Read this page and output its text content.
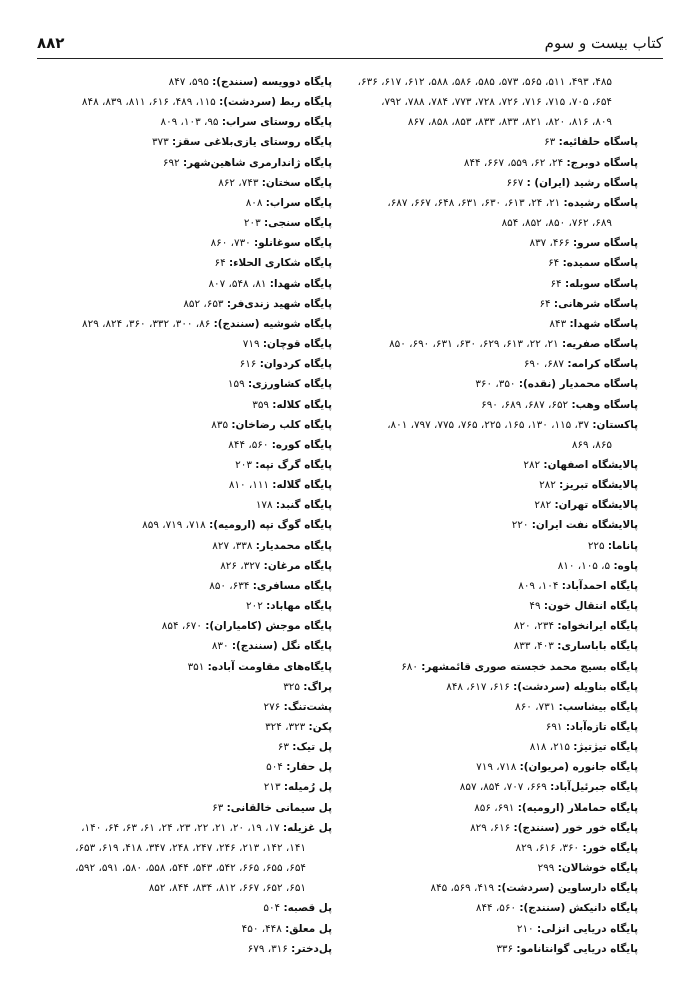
۸۸۲	کتاب بیست و سوم
۴۸۵، ۴۹۳، ۵۱۱، ۵۶۵، ۵۷۳، ۵۸۵، ۵۸۶، ۵۸۸، ۶۱۲، ۶۱۷، ۶۳۶،
۶۵۴، ۷۰۵، ۷۱۵، ۷۱۶، ۷۲۶، ۷۲۸، ۷۷۳، ۷۸۴، ۷۸۸، ۷۹۲،
۸۰۹، ۸۱۶، ۸۲۰، ۸۲۱، ۸۳۳، ۸۳۳، ۸۵۳، ۸۵۸، ۸۶۷
پاسگاه حلفائیه: ۶۳
پاسگاه دوبرج: ۲۴، ۶۲، ۵۵۹، ۶۶۷، ۸۴۴
پاسگاه رشید (ایران) : ۶۶۷
پاسگاه رشیده: ۲۱، ۲۴، ۶۱۳، ۶۳۰، ۶۳۱، ۶۴۸، ۶۶۷، ۶۸۷،
۶۸۹، ۷۶۲، ۸۵۰، ۸۵۲، ۸۵۴
پاسگاه سرو: ۴۶۶، ۸۳۷
پاسگاه سمیده: ۶۴
پاسگاه سوبله: ۶۴
پاسگاه شرهانی: ۶۴
پاسگاه شهدا: ۸۴۳
پاسگاه صفریه: ۲۱، ۲۲، ۶۱۳، ۶۲۹، ۶۳۰، ۶۳۱، ۶۹۰، ۸۵۰
پاسگاه کرامه: ۶۸۷، ۶۹۰
پاسگاه محمدیار (نقده): ۳۵۰، ۳۶۰
پاسگاه وهب: ۶۵۲، ۶۸۷، ۶۸۹، ۶۹۰
پاکستان: ۳۷، ۱۱۵، ۱۳۰، ۱۶۵، ۲۲۵، ۷۶۵، ۷۷۵، ۷۹۷، ۸۰۱،
۸۶۵، ۸۶۹
پالایشگاه اصفهان: ۲۸۲
پالایشگاه تبریز: ۲۸۲
پالایشگاه تهران: ۲۸۲
پالایشگاه نفت ایران: ۲۲۰
پاناما: ۲۲۵
پاوه: ۵، ۱۰۵، ۸۱۰
پایگاه احمدآباد: ۱۰۴، ۸۰۹
پایگاه انتقال خون: ۴۹
پایگاه ایرانخواه: ۲۳۴، ۸۲۰
پایگاه باباساری: ۴۰۳، ۸۳۳
پایگاه بسیج محمد خجسته صوری قائمشهر: ۶۸۰
پایگاه بناویله (سردشت): ۶۱۶، ۶۱۷، ۸۴۸
پایگاه بیشاسب: ۷۳۱، ۸۶۰
پایگاه تازه‌آباد: ۶۹۱
پایگاه تیژتیژ: ۲۱۵، ۸۱۸
پایگاه جانوره (مریوان): ۷۱۸، ۷۱۹
پایگاه جبرئیل‌آباد: ۶۶۹، ۷۰۷، ۸۵۴، ۸۵۷
پایگاه حماملار (ارومیه): ۶۹۱، ۸۵۶
پایگاه خور خور (سنندج): ۶۱۶، ۸۲۹
پایگاه خور: ۳۶۰، ۶۱۶، ۸۲۹
پایگاه خوشالان: ۲۹۹
پایگاه دارساوین (سردشت): ۴۱۹، ۵۶۹، ۸۴۵
پایگاه دانیکش (سنندج): ۵۶۰، ۸۴۴
پایگاه دریایی انزلی: ۲۱۰
پایگاه دریایی گوانتانامو: ۳۳۶
پایگاه دوویسه (سنندج): ۵۹۵، ۸۴۷
پایگاه ربط (سردشت): ۱۱۵، ۴۸۹، ۶۱۶، ۸۱۱، ۸۳۹، ۸۴۸
پایگاه روستای سراب: ۹۵، ۱۰۳، ۸۰۹
پایگاه روستای یازی‌بلاغی سقز: ۳۷۳
پایگاه ژاندارمری شاهین‌شهر: ۶۹۲
پایگاه سختان: ۷۴۳، ۸۶۲
پایگاه سراب: ۸۰۸
پایگاه سنجی: ۲۰۳
پایگاه سوغانلو: ۷۳۰، ۸۶۰
پایگاه شکاری الحلاء: ۶۴
پایگاه شهدا: ۸۱، ۵۴۸، ۸۰۷
پایگاه شهید زندی‌فر: ۶۵۳، ۸۵۲
پایگاه شوشیه (سنندج): ۸۶، ۳۰۰، ۳۳۲، ۳۶۰، ۸۲۴، ۸۲۹
پایگاه قوچان: ۷۱۹
پایگاه کردوان: ۶۱۶
پایگاه کشاورزی: ۱۵۹
پایگاه کلاله: ۳۵۹
پایگاه کلب رضاخان: ۸۳۵
پایگاه کوره: ۵۶۰، ۸۴۴
پایگاه گرگ تپه: ۲۰۳
پایگاه گلاله: ۱۱۱، ۸۱۰
پایگاه گنبد: ۱۷۸
پایگاه گوگ تپه (ارومیه): ۷۱۸، ۷۱۹، ۸۵۹
پایگاه محمدیار: ۳۳۸، ۸۲۷
پایگاه مرغان: ۳۲۷، ۸۲۶
پایگاه مسافری: ۶۳۴، ۸۵۰
پایگاه مهاباد: ۲۰۲
پایگاه موجش (کامیاران): ۶۷۰، ۸۵۴
پایگاه نگل (سنندج): ۸۳۰
پایگاه‌های مقاومت آباده: ۳۵۱
پراگ: ۳۲۵
پشت‌تنگ: ۲۷۶
پکن: ۳۲۳، ۳۲۴
پل تیک: ۶۳
پل حفار: ۵۰۴
پل رُمیله: ۲۱۳
پل سیمانی خالقانی: ۶۳
پل غزیله: ۱۷، ۱۹، ۲۰، ۲۱، ۲۲، ۲۳، ۲۴، ۶۱، ۶۳، ۶۴، ۱۴۰،
۱۴۱، ۱۴۲، ۲۱۳، ۲۴۶، ۲۴۷، ۲۴۸، ۳۴۷، ۴۱۸، ۶۱۹، ۶۵۳،
۶۵۴، ۶۵۵، ۶۶۵، ۵۴۲، ۵۴۳، ۵۴۴، ۵۵۸، ۵۸۰، ۵۹۱، ۵۹۲،
۶۵۱، ۶۵۲، ۶۶۷، ۸۱۲، ۸۳۴، ۸۴۴، ۸۵۲
پل قصبه: ۵۰۴
پل معلق: ۴۴۸، ۴۵۰
پل‌دختر: ۳۱۶، ۶۷۹
